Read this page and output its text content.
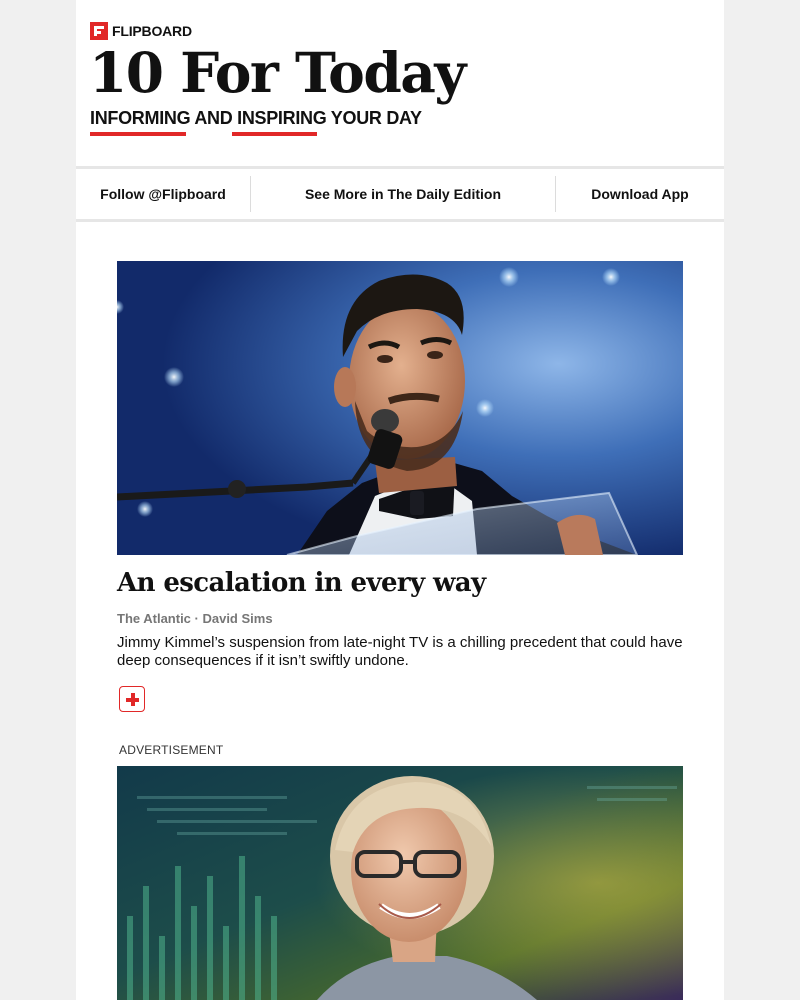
FLIPBOARD
10 For Today
INFORMING AND INSPIRING YOUR DAY
Follow @Flipboard	See More in The Daily Edition	Download App
An escalation in every way
The Atlantic · David Sims
Jimmy Kimmel’s suspension from late-night TV is a chilling precedent that could have deep consequences if it isn’t swiftly undone.
ADVERTISEMENT
